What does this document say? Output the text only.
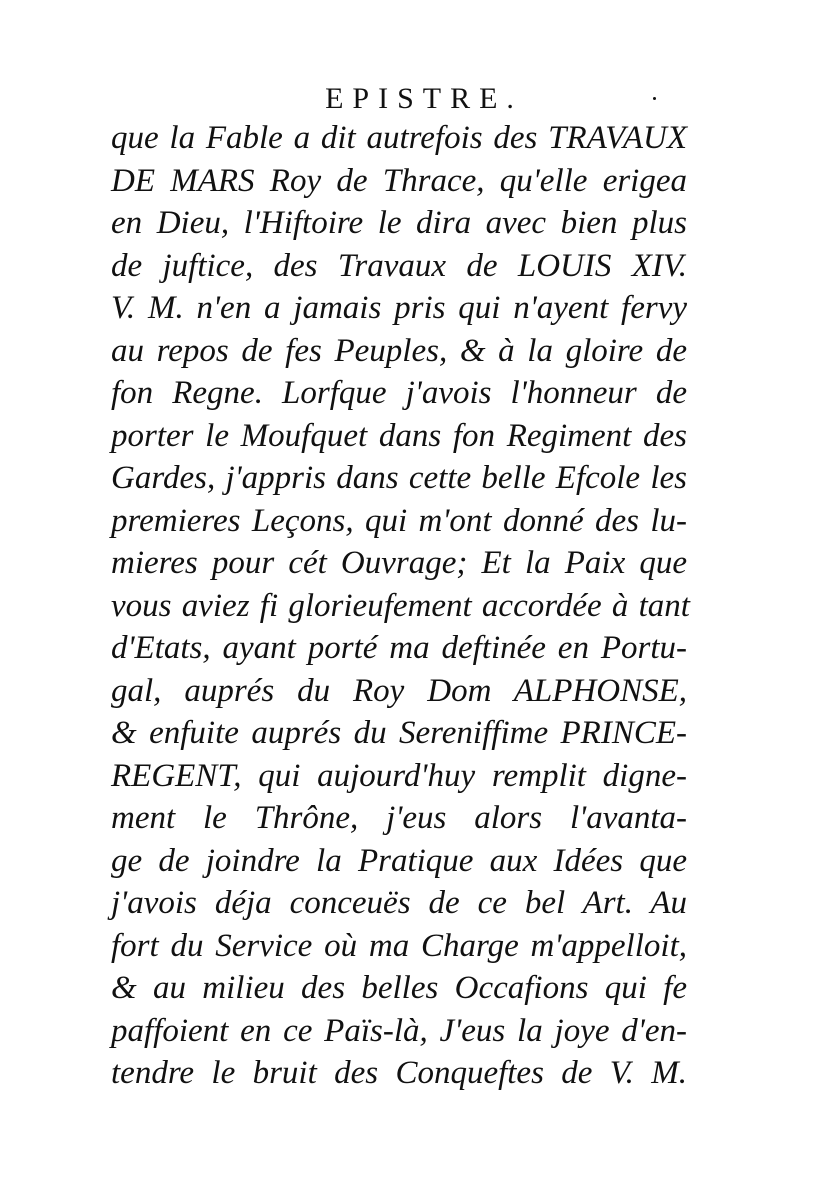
EPISTRE.
que la Fable a dit autrefois des TRAVAUX
DE MARS Roy de Thrace, qu'elle erigea
en Dieu, l'Hiftoire le dira avec bien plus
de juftice, des Travaux de LOUIS XIV.
V. M. n'en a jamais pris qui n'ayent fervy
au repos de fes Peuples, & à la gloire de
fon Regne. Lorfque j'avois l'honneur de
porter le Moufquet dans fon Regiment des
Gardes, j'appris dans cette belle Efcole les
premieres Leçons, qui m'ont donné des lu-
mieres pour cét Ouvrage; Et la Paix que
vous aviez fi glorieufement accordée à tant
d'Etats, ayant porté ma deftinée en Portu-
gal, auprés du Roy Dom ALPHONSE,
& enfuite auprés du Sereniffime PRINCE-
REGENT, qui aujourd'huy remplit digne-
ment le Thrône, j'eus alors l'avanta-
ge de joindre la Pratique aux Idées que
j'avois déja conceuës de ce bel Art. Au
fort du Service où ma Charge m'appelloit,
& au milieu des belles Occafions qui fe
paffoient en ce Païs-là, J'eus la joye d'en-
tendre le bruit des Conqueftes de V. M.
